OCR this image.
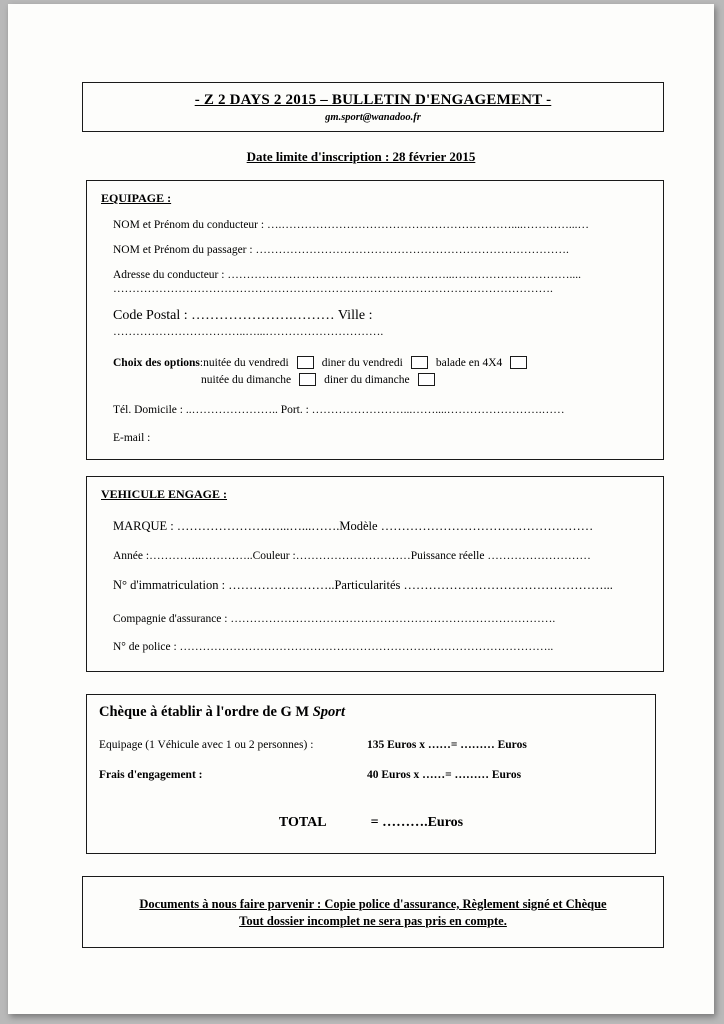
- Z 2 DAYS 2 2015 – BULLETIN D'ENGAGEMENT -
gm.sport@wanadoo.fr
Date limite d'inscription : 28 février 2015
EQUIPAGE :
NOM et Prénom du conducteur : ….……………………………………………………....…………...…
NOM et Prénom du passager : ……………………………………………………………………….
Adresse du conducteur : …………………………………………………...…………………………....
…………………………………………………………………………………………………….
Code Postal : ………………….……… Ville :
……………………………..…...………………………….
Choix des options : nuitée du vendredi	diner du vendredi	balade en 4X4
nuitée du dimanche	diner du dimanche
Tél. Domicile : ..………………….. Port. : ……………………...……....…………………….……
E-mail :
VEHICULE ENGAGE :
MARQUE : ………………….…...…...…….Modèle ……………………………………………
Année :…………..…………..Couleur :…………………………Puissance réelle ………………………
N° d'immatriculation : ……………………..Particularités …………………………………………...
Compagnie d'assurance : ………………………………………………………………………….
N° de police : ……………………………………………………………………………………..
Chèque à établir à l'ordre de G M Sport
Equipage (1 Véhicule avec 1 ou 2 personnes) :	135 Euros x ……= ……… Euros
Frais d'engagement :	40 Euros x ……= ……… Euros
TOTAL	= ……….Euros
Documents à nous faire parvenir : Copie police d'assurance, Règlement signé et Chèque
Tout dossier incomplet ne sera pas pris en compte.
